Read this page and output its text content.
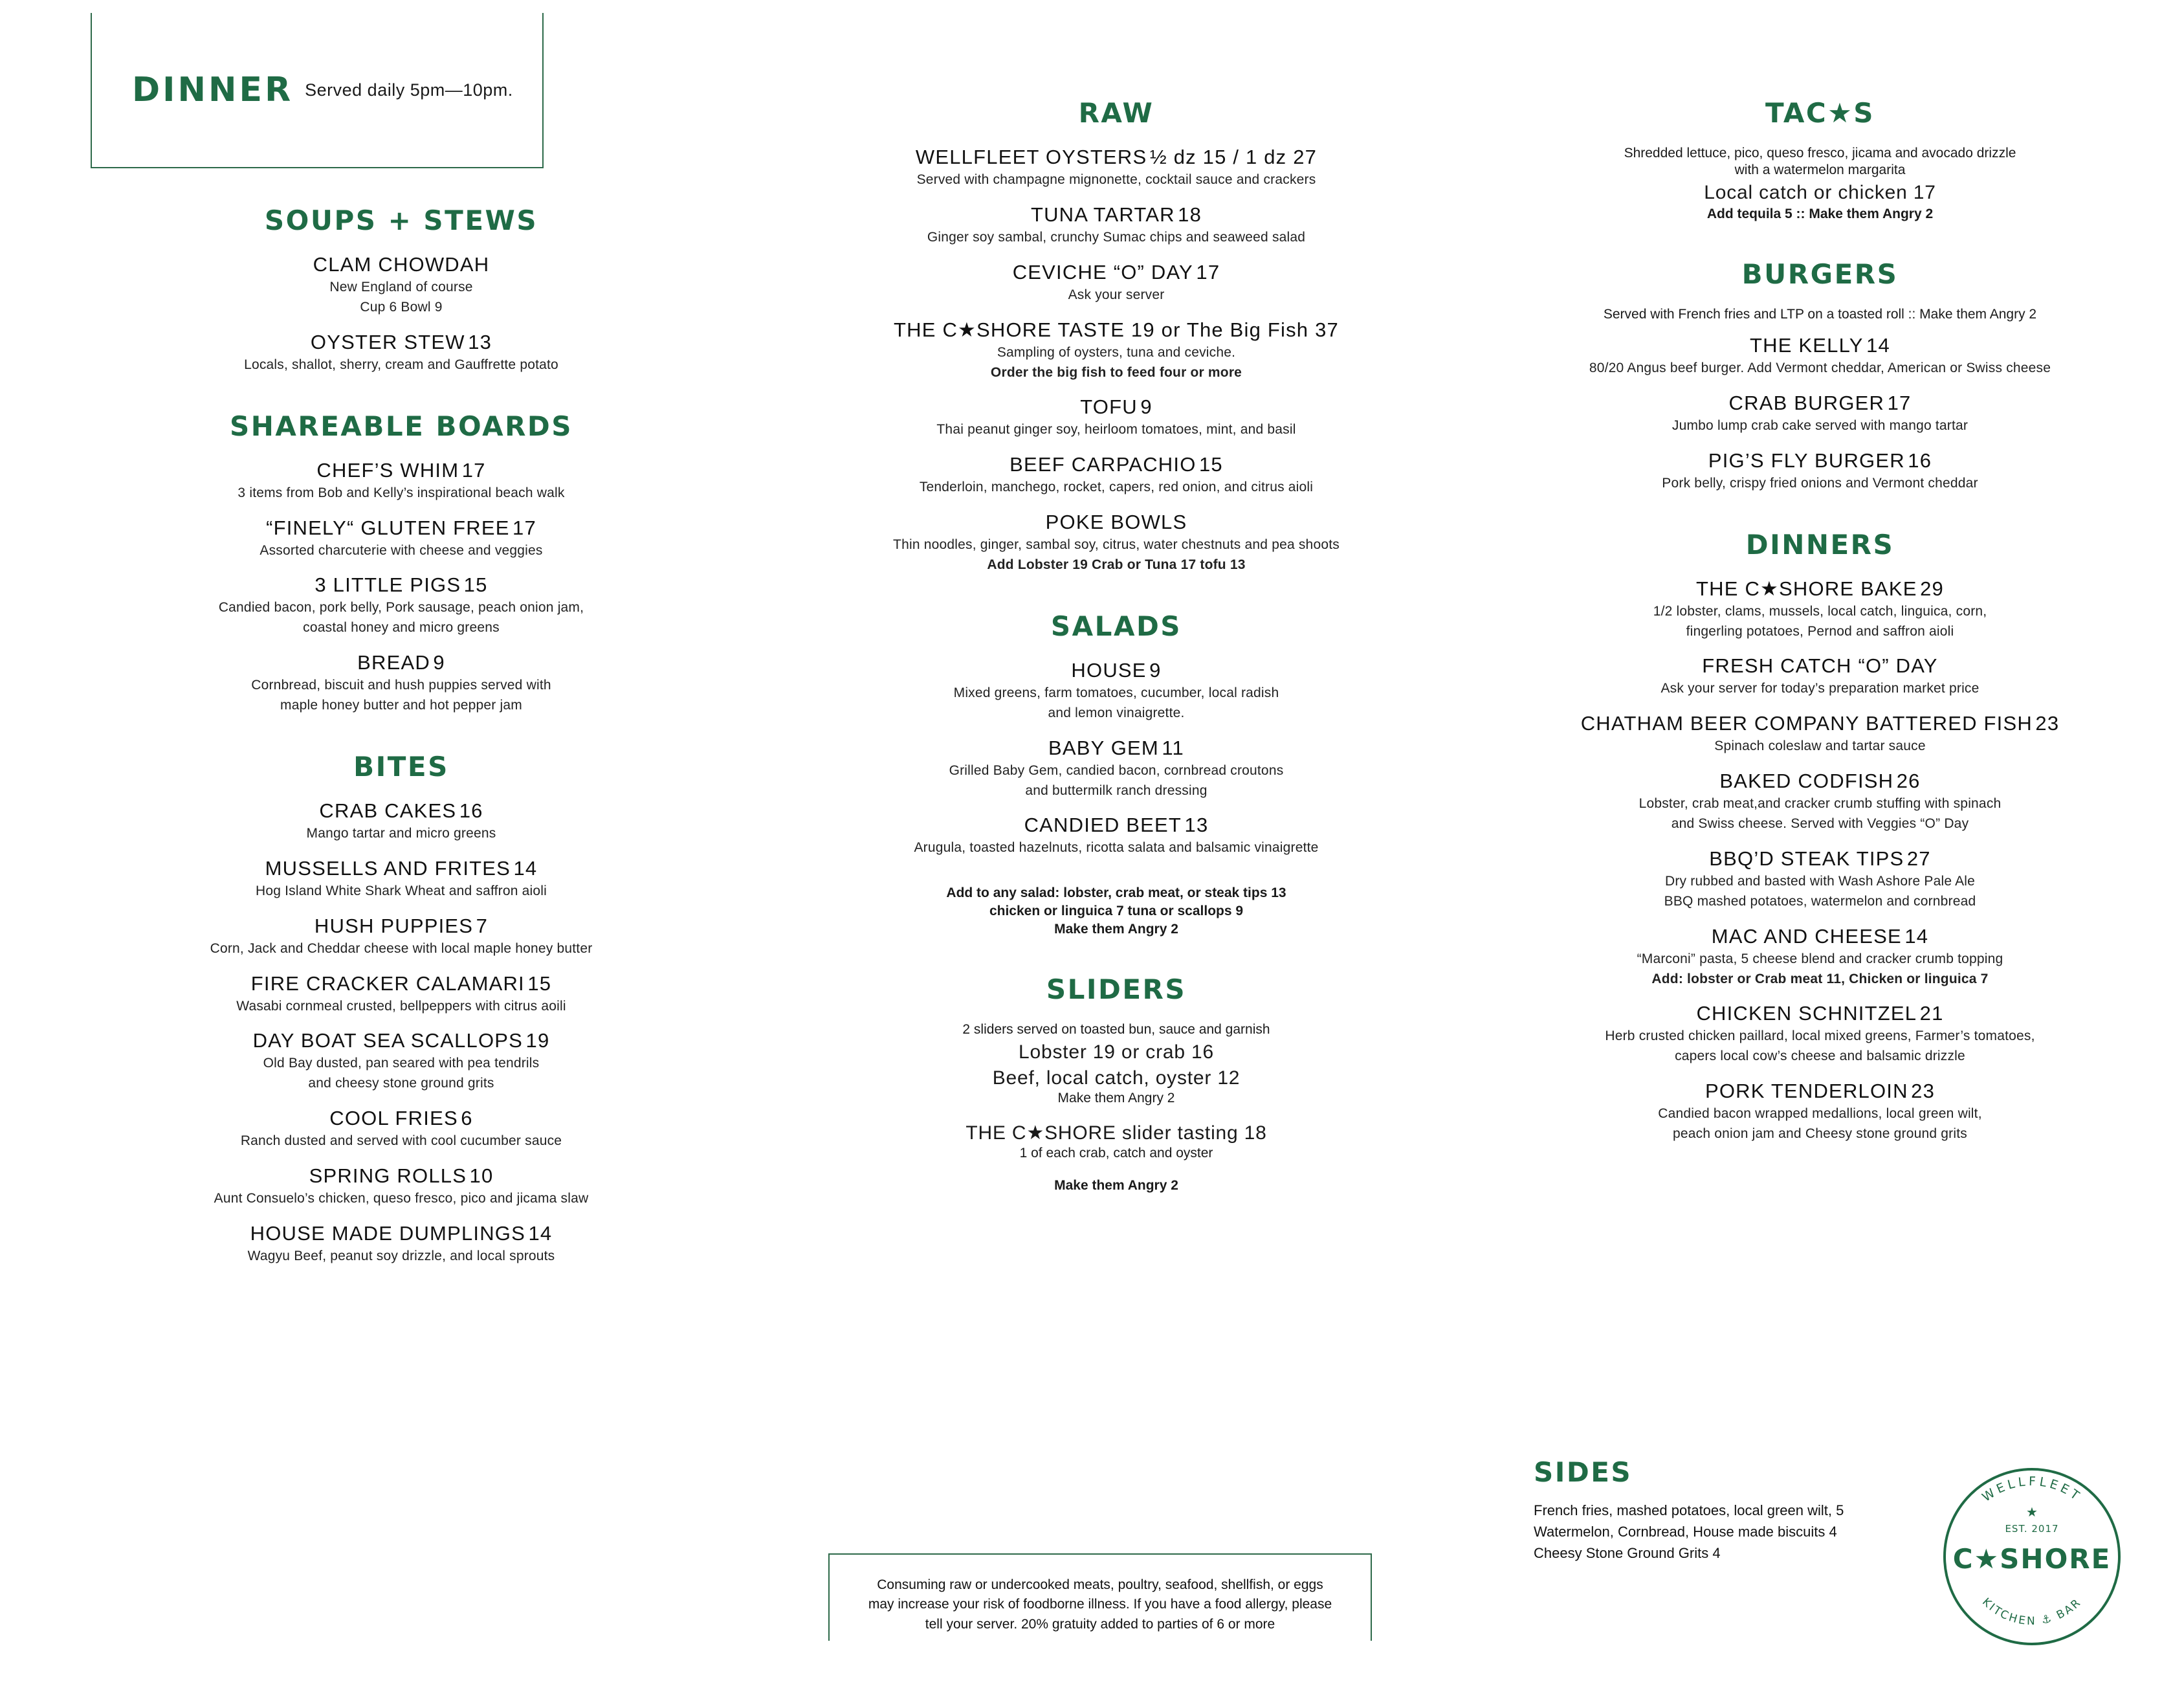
DINNER Served daily 5pm—10pm.
SOUPS + STEWS
CLAM CHOWDAH
New England of course
Cup 6 Bowl 9
OYSTER STEW 13
Locals, shallot, sherry, cream and Gauffrette potato
SHAREABLE BOARDS
CHEF’S WHIM 17
3 items from Bob and Kelly’s inspirational beach walk
“FINELY“ GLUTEN FREE 17
Assorted charcuterie with cheese and veggies
3 LITTLE PIGS 15
Candied bacon, pork belly, Pork sausage, peach onion jam,
coastal honey and micro greens
BREAD 9
Cornbread, biscuit and hush puppies served with
maple honey butter and hot pepper jam
BITES
CRAB CAKES 16
Mango tartar and micro greens
MUSSELLS AND FRITES 14
Hog Island White Shark Wheat and saffron aioli
HUSH PUPPIES 7
Corn, Jack and Cheddar cheese with local maple honey butter
FIRE CRACKER CALAMARI 15
Wasabi cornmeal crusted, bellpeppers with citrus aoili
DAY BOAT SEA SCALLOPS 19
Old Bay dusted, pan seared with pea tendrils
and cheesy stone ground grits
COOL FRIES 6
Ranch dusted and served with cool cucumber sauce
SPRING ROLLS 10
Aunt Consuelo’s chicken, queso fresco, pico and jicama slaw
HOUSE MADE DUMPLINGS 14
Wagyu Beef, peanut soy drizzle, and local sprouts
RAW
WELLFLEET OYSTERS ½ dz 15 / 1 dz 27
Served with champagne mignonette, cocktail sauce and crackers
TUNA TARTAR 18
Ginger soy sambal, crunchy Sumac chips and seaweed salad
CEVICHE “O” DAY 17
Ask your server
THE C★SHORE TASTE 19 or The Big Fish 37
Sampling of oysters, tuna and ceviche.
Order the big fish to feed four or more
TOFU 9
Thai peanut ginger soy, heirloom tomatoes, mint, and basil
BEEF CARPACHIO 15
Tenderloin, manchego, rocket, capers, red onion, and citrus aioli
POKE BOWLS
Thin noodles, ginger, sambal soy, citrus, water chestnuts and pea shoots
Add Lobster 19 Crab or Tuna 17 tofu 13
SALADS
HOUSE 9
Mixed greens, farm tomatoes, cucumber, local radish
and lemon vinaigrette.
BABY GEM 11
Grilled Baby Gem, candied bacon, cornbread croutons
and buttermilk ranch dressing
CANDIED BEET 13
Arugula, toasted hazelnuts, ricotta salata and balsamic vinaigrette
Add to any salad: lobster, crab meat, or steak tips 13
chicken or linguica 7 tuna or scallops 9
Make them Angry 2
SLIDERS
2 sliders served on toasted bun, sauce and garnish
Lobster 19 or crab 16
Beef, local catch, oyster 12
Make them Angry 2
THE C★SHORE slider tasting 18
1 of each crab, catch and oyster
Make them Angry 2
TAC★S
Shredded lettuce, pico, queso fresco, jicama and avocado drizzle
with a watermelon margarita
Local catch or chicken 17
Add tequila 5 :: Make them Angry 2
BURGERS
Served with French fries and LTP on a toasted roll :: Make them Angry 2
THE KELLY 14
80/20 Angus beef burger. Add Vermont cheddar, American or Swiss cheese
CRAB BURGER 17
Jumbo lump crab cake served with mango tartar
PIG’S FLY BURGER 16
Pork belly, crispy fried onions and Vermont cheddar
DINNERS
THE C★SHORE BAKE 29
1/2 lobster, clams, mussels, local catch, linguica, corn,
fingerling potatoes, Pernod and saffron aioli
FRESH CATCH “O” DAY
Ask your server for today’s preparation market price
CHATHAM BEER COMPANY BATTERED FISH 23
Spinach coleslaw and tartar sauce
BAKED CODFISH 26
Lobster, crab meat,and cracker crumb stuffing with spinach
and Swiss cheese. Served with Veggies “O” Day
BBQ’D STEAK TIPS 27
Dry rubbed and basted with Wash Ashore Pale Ale
BBQ mashed potatoes, watermelon and cornbread
MAC AND CHEESE 14
“Marconi” pasta, 5 cheese blend and cracker crumb topping
Add: lobster or Crab meat 11, Chicken or linguica 7
CHICKEN SCHNITZEL 21
Herb crusted chicken paillard, local mixed greens, Farmer’s tomatoes,
capers local cow’s cheese and balsamic drizzle
PORK TENDERLOIN 23
Candied bacon wrapped medallions, local green wilt,
peach onion jam and Cheesy stone ground grits
Consuming raw or undercooked meats, poultry, seafood, shellfish, or eggs
may increase your risk of foodborne illness. If you have a food allergy, please
tell your server. 20% gratuity added to parties of 6 or more
SIDES
French fries, mashed potatoes, local green wilt, 5
Watermelon, Cornbread, House made biscuits 4
Cheesy Stone Ground Grits 4
WELLFLEET
KITCHEN ⚓ BAR
★
EST. 2017
C★SHORE
